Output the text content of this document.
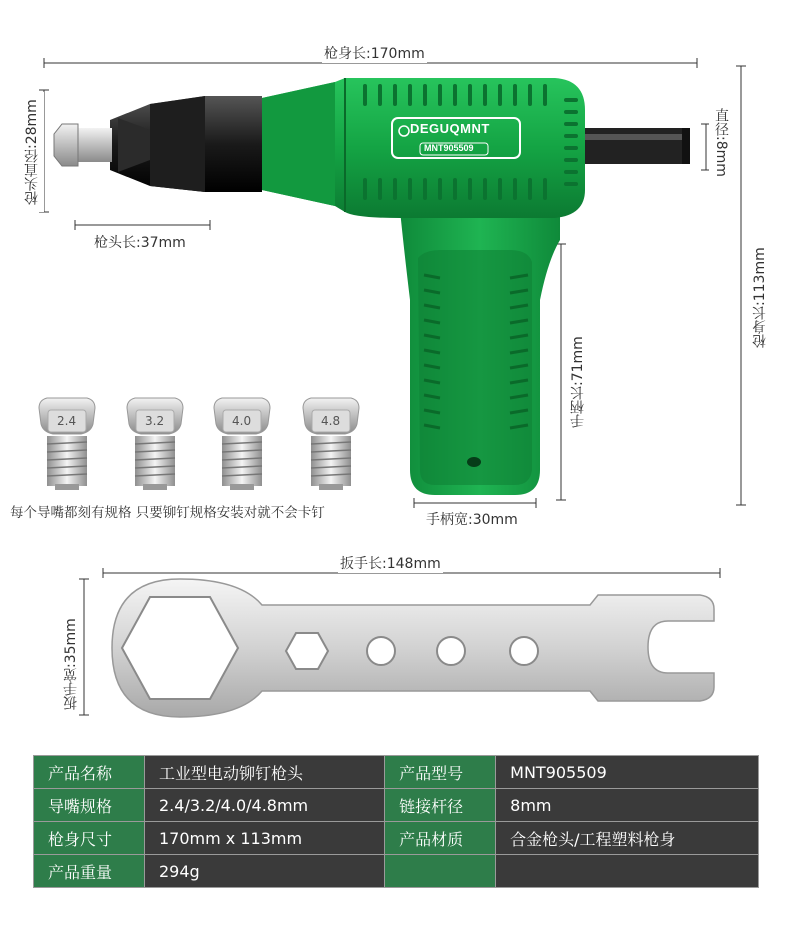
DEGUQMNT
MNT905509
2.4	3.2	4.0	4.8
枪身长:170mm
枪头直径:28mm
枪头长:37mm
直径:8mm
枪身长:113mm
手柄长:71mm
手柄宽:30mm
每个导嘴都刻有规格 只要铆钉规格安装对就不会卡钉
扳手长:148mm
扳手宽:35mm
产品名称	工业型电动铆钉枪头	产品型号	MNT905509
导嘴规格	2.4/3.2/4.0/4.8mm	链接杆径	8mm
枪身尺寸	170mm x 113mm	产品材质	合金枪头/工程塑料枪身
产品重量	294g		
